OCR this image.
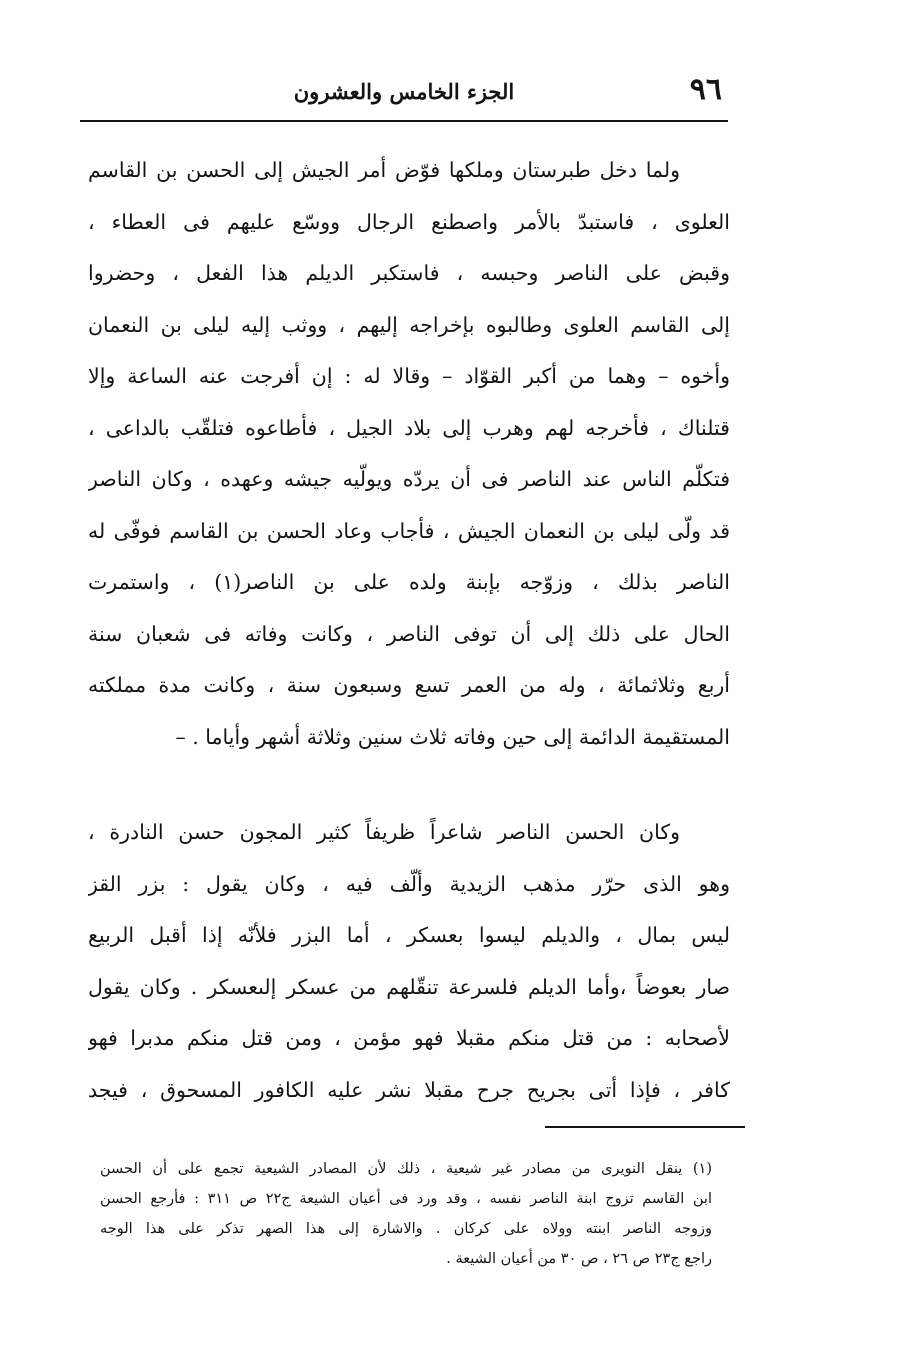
٩٦
الجزء الخامس والعشرون
ولما دخل طبرستان وملكها فوّض أمر الجيش إلى الحسن بن القاسم
العلوى ، فاستبدّ بالأمر واصطنع الرجال ووسّع عليهم فى العطاء ،
وقبض على الناصر وحبسه ، فاستكبر الديلم هذا الفعل ، وحضروا
إلى القاسم العلوى وطالبوه بإخراجه إليهم ، ووثب إليه ليلى بن النعمان
وأخوه – وهما من أكبر القوّاد – وقالا له : إن أفرجت عنه الساعة وإلا
قتلناك ، فأخرجه لهم وهرب إلى بلاد الجيل ، فأطاعوه فتلقّب بالداعى ،
فتكلّم الناس عند الناصر فى أن يردّه ويولّيه جيشه وعهده ، وكان الناصر
قد ولّى ليلى بن النعمان الجيش ، فأجاب وعاد الحسن بن القاسم فوفّى له
الناصر بذلك ، وزوّجه بإبنة ولده على بن الناصر(١) ، واستمرت
الحال على ذلك إلى أن توفى الناصر ، وكانت وفاته فى شعبان سنة
أربع وثلاثمائة ، وله من العمر تسع وسبعون سنة ، وكانت مدة مملكته
المستقيمة الدائمة إلى حين وفاته ثلاث سنين وثلاثة أشهر وأياما . –
وكان الحسن الناصر شاعراً ظريفاً كثير المجون حسن النادرة ،
وهو الذى حرّر مذهب الزيدية وألّف فيه ، وكان يقول : بزر القز
ليس بمال ، والديلم ليسوا بعسكر ، أما البزر فلأنّه إذا أقبل الربيع
صار بعوضاً ،وأما الديلم فلسرعة تنقّلهم من عسكر إلىعسكر . وكان يقول
لأصحابه : من قتل منكم مقبلا فهو مؤمن ، ومن قتل منكم مدبرا فهو
كافر ، فإذا أتى بجريح جرح مقبلا نشر عليه الكافور المسحوق ، فيجد
(١) ينقل النويرى من مصادر غير شيعية ، ذلك لأن المصادر الشيعية تجمع على أن الحسن
ابن القاسم تزوج ابنة الناصر نفسه ، وقد ورد فى أعيان الشيعة ج٢٢ ص ٣١١ : فأرجع الحسن
وزوجه الناصر ابنته وولاه على كركان . والاشارة إلى هذا الصهر تذكر على هذا الوجه
راجع ج٢٣ ص ٢٦ ، ص ٣٠ من أعيان الشيعة .
